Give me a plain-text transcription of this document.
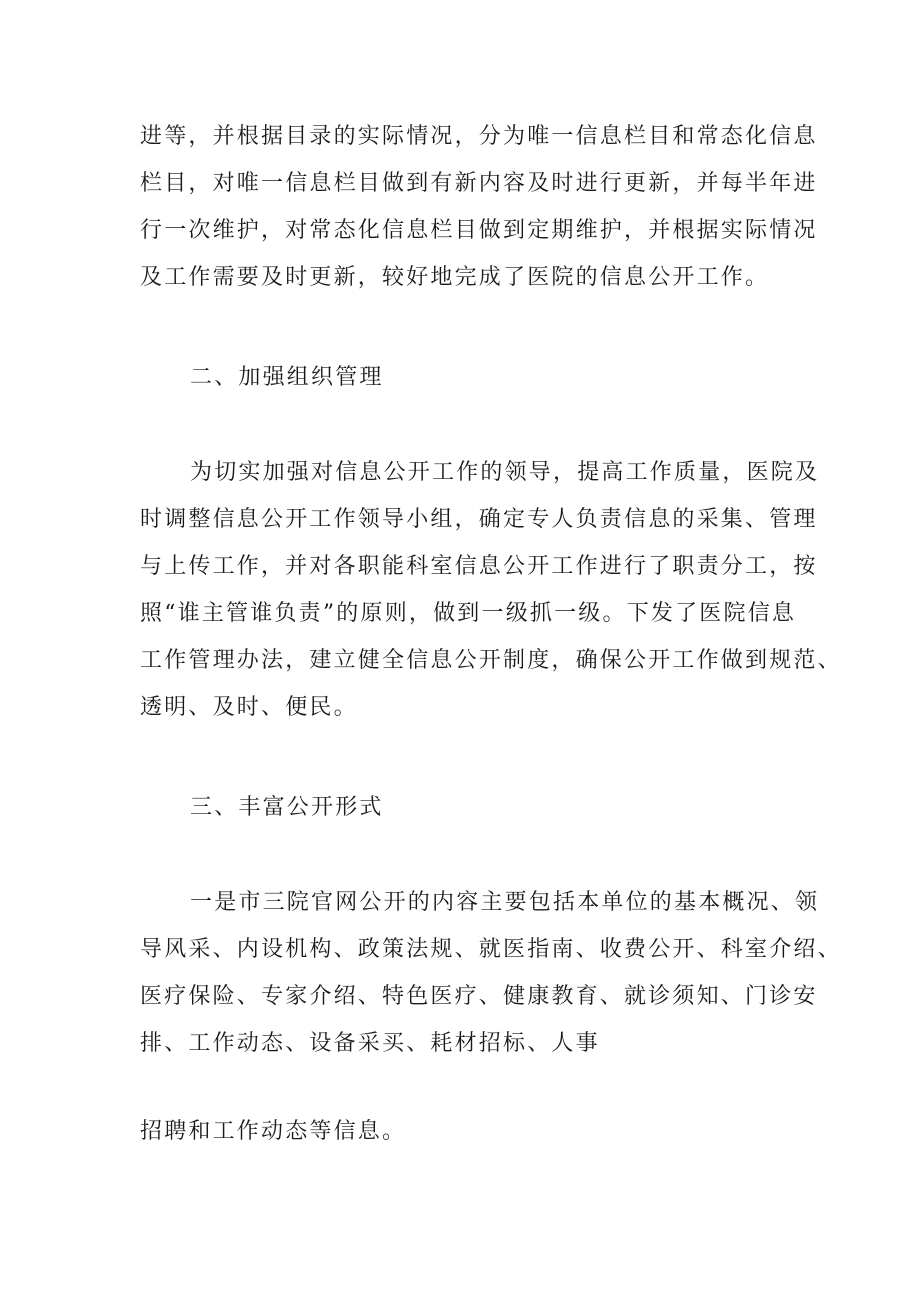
进等，并根据目录的实际情况，分为唯一信息栏目和常态化信息
栏目，对唯一信息栏目做到有新内容及时进行更新，并每半年进
行一次维护，对常态化信息栏目做到定期维护，并根据实际情况
及工作需要及时更新，较好地完成了医院的信息公开工作。
二、加强组织管理
为切实加强对信息公开工作的领导，提高工作质量，医院及
时调整信息公开工作领导小组，确定专人负责信息的采集、管理
与上传工作，并对各职能科室信息公开工作进行了职责分工，按
照“谁主管谁负责”的原则，做到一级抓一级。下发了医院信息
工作管理办法，建立健全信息公开制度，确保公开工作做到规范、
透明、及时、便民。
三、丰富公开形式
一是市三院官网公开的内容主要包括本单位的基本概况、领
导风采、内设机构、政策法规、就医指南、收费公开、科室介绍、
医疗保险、专家介绍、特色医疗、健康教育、就诊须知、门诊安
排、工作动态、设备采买、耗材招标、人事
招聘和工作动态等信息。
